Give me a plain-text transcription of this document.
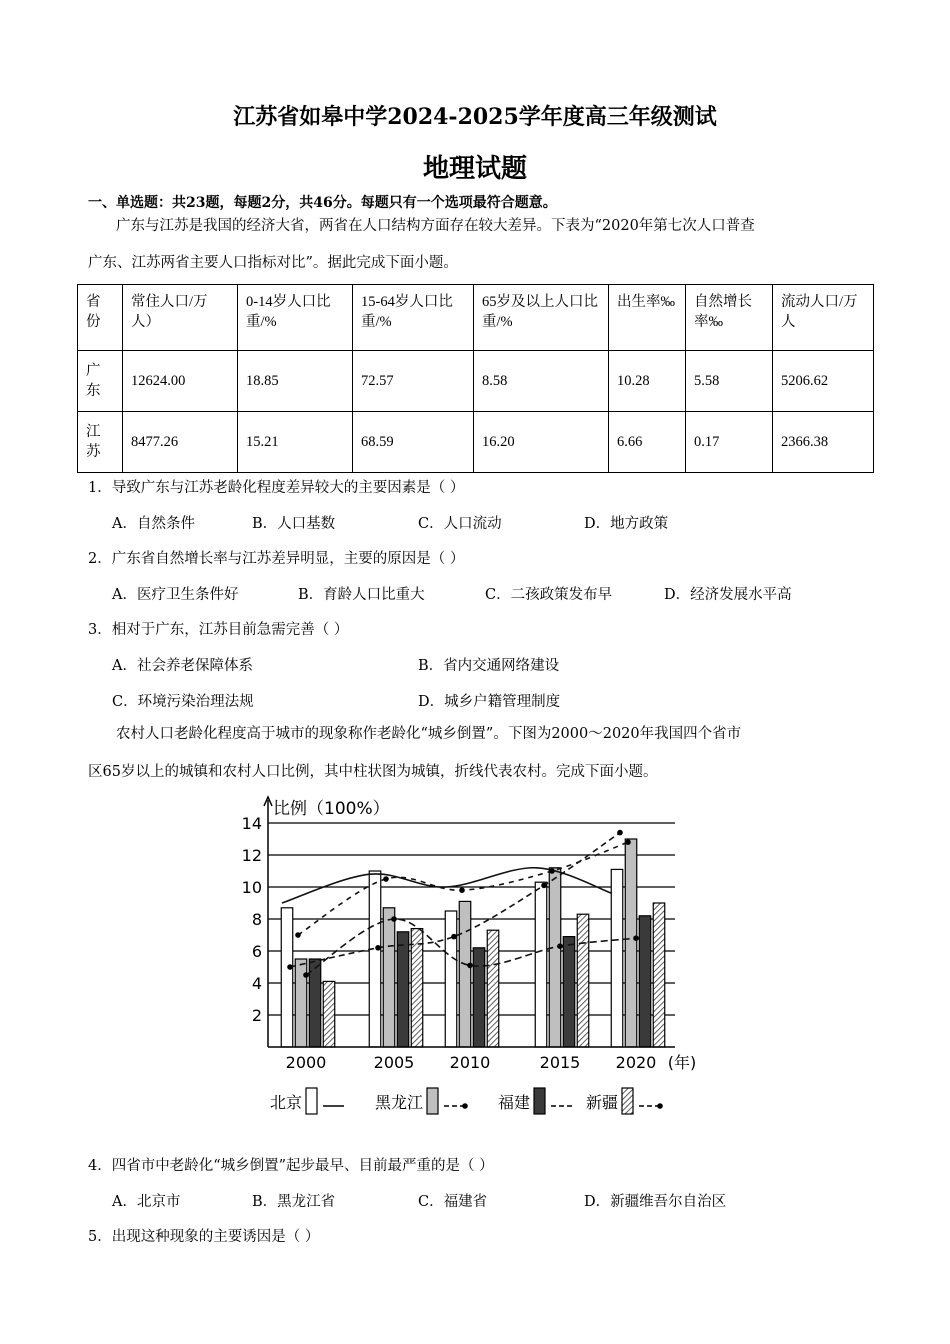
江苏省如皋中学2024-2025学年度高三年级测试
地理试题
一、单选题：共23题，每题2分，共46分。每题只有一个选项最符合题意。
广东与江苏是我国的经济大省，两省在人口结构方面存在较大差异。下表为“2020年第七次人口普查
广东、江苏两省主要人口指标对比”。据此完成下面小题。
省份	常住人口/万人）	0-14岁人口比重/%	15-64岁人口比重/%	65岁及以上人口比重/%	出生率‰	自然增长率‰	流动人口/万人
广东	12624.00	18.85	72.57	8.58	10.28	5.58	5206.62
江苏	8477.26	15.21	68.59	16.20	6.66	0.17	2366.38
1．导致广东与江苏老龄化程度差异较大的主要因素是（ ）
A．自然条件	B．人口基数	C．人口流动	D．地方政策
2．广东省自然增长率与江苏差异明显，主要的原因是（ ）
A．医疗卫生条件好	B．育龄人口比重大	C．二孩政策发布早	D．经济发展水平高
3．相对于广东，江苏目前急需完善（ ）
A．社会养老保障体系	B．省内交通网络建设
C．环境污染治理法规	D．城乡户籍管理制度
农村人口老龄化程度高于城市的现象称作老龄化“城乡倒置”。下图为2000～2020年我国四个省市
区65岁以上的城镇和农村人口比例，其中柱状图为城镇，折线代表农村。完成下面小题。
2
4
6
8
10
12
14
2000	2005 2010	2015 2020 (年)
比例（100%）
北京	黑龙江	福建	新疆
4．四省市中老龄化“城乡倒置”起步最早、目前最严重的是（ ）
A．北京市	B．黑龙江省	C．福建省	D．新疆维吾尔自治区
5．出现这种现象的主要诱因是（ ）
